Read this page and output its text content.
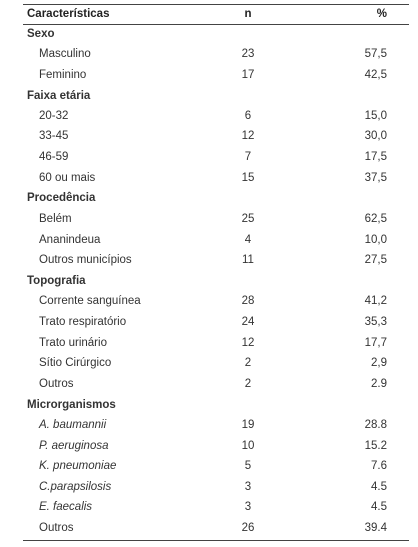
Características	n	%
Sexo
Masculino	23	57,5
Feminino	17	42,5
Faixa etária
20-32	6	15,0
33-45	12	30,0
46-59	7	17,5
60 ou mais	15	37,5
Procedência
Belém	25	62,5
Ananindeua	4	10,0
Outros municípios	11	27,5
Topografia
Corrente sanguínea	28	41,2
Trato respiratório	24	35,3
Trato urinário	12	17,7
Sítio Cirúrgico	2	2,9
Outros	2	2.9
Microrganismos
A. baumannii	19	28.8
P. aeruginosa	10	15.2
K. pneumoniae	5	7.6
C.parapsilosis	3	4.5
E. faecalis	3	4.5
Outros	26	39.4
